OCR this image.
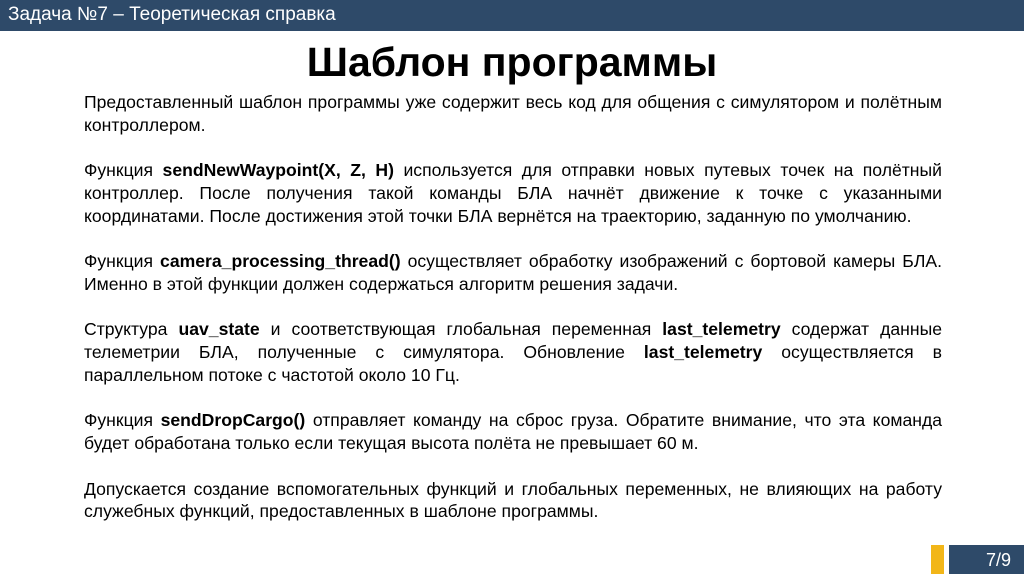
Задача №7 – Теоретическая справка
Шаблон программы

Предоставленный шаблон программы уже содержит весь код для общения с симулятором и полётным контроллером.

Функция sendNewWaypoint(X, Z, H) используется для отправки новых путевых точек на полётный контроллер. После получения такой команды БЛА начнёт движение к точке с указанными координатами. После достижения этой точки БЛА вернётся на траекторию, заданную по умолчанию.

Функция camera_processing_thread() осуществляет обработку изображений с бортовой камеры БЛА. Именно в этой функции должен содержаться алгоритм решения задачи.

Структура uav_state и соответствующая глобальная переменная last_telemetry содержат данные телеметрии БЛА, полученные с симулятора. Обновление last_telemetry осуществляется в параллельном потоке с частотой около 10 Гц.

Функция sendDropCargo() отправляет команду на сброс груза. Обратите внимание, что эта команда будет обработана только если текущая высота полёта не превышает 60 м.

Допускается создание вспомогательных функций и глобальных переменных, не влияющих на работу служебных функций, предоставленных в шаблоне программы.

7/9
